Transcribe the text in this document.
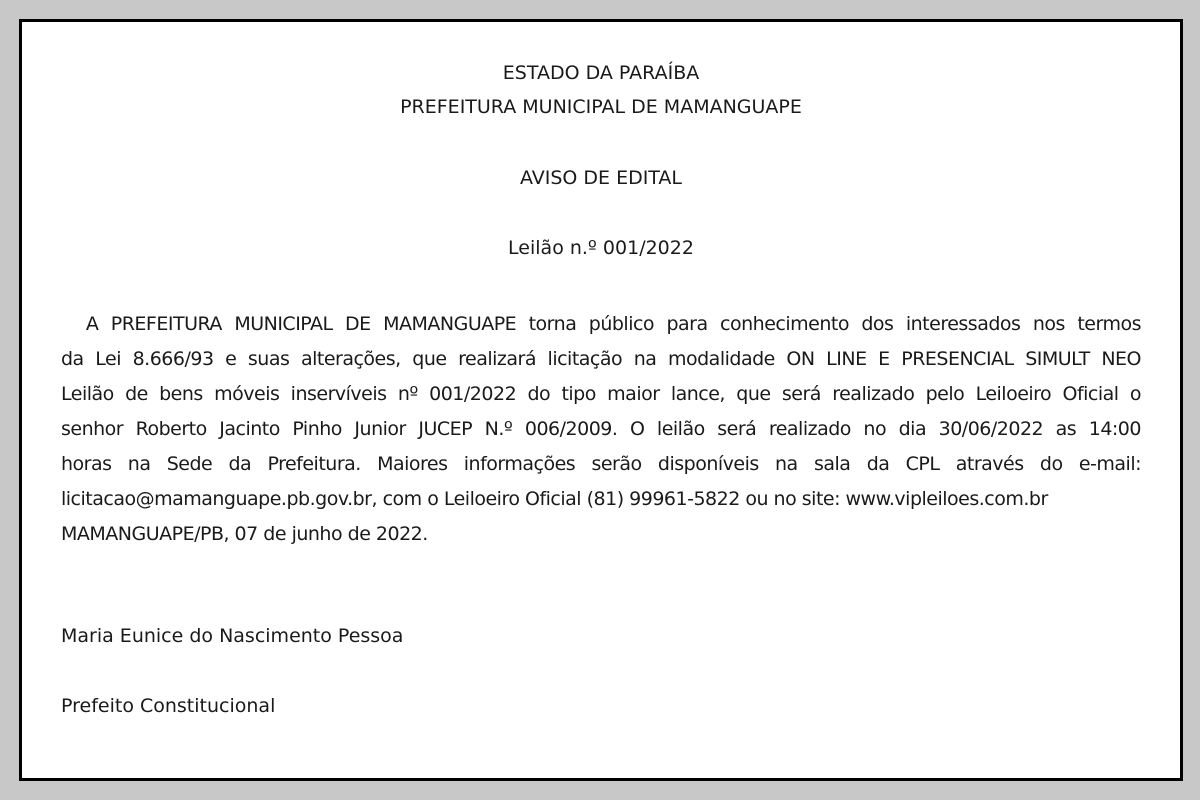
ESTADO DA PARAÍBA
PREFEITURA MUNICIPAL DE MAMANGUAPE
AVISO DE EDITAL
Leilão n.º 001/2022
A PREFEITURA MUNICIPAL DE MAMANGUAPE torna público para conhecimento dos interessados nos termos
da Lei 8.666/93 e suas alterações, que realizará licitação na modalidade ON LINE E PRESENCIAL SIMULT NEO
Leilão de bens móveis inservíveis nº 001/2022 do tipo maior lance, que será realizado pelo Leiloeiro Oficial o
senhor Roberto Jacinto Pinho Junior JUCEP N.º 006/2009. O leilão será realizado no dia 30/06/2022 as 14:00
horas na Sede da Prefeitura. Maiores informações serão disponíveis na sala da CPL através do e-mail:
licitacao@mamanguape.pb.gov.br, com o Leiloeiro Oficial (81) 99961-5822 ou no site: www.vipleiloes.com.br
MAMANGUAPE/PB, 07 de junho de 2022.
Maria Eunice do Nascimento Pessoa
Prefeito Constitucional
